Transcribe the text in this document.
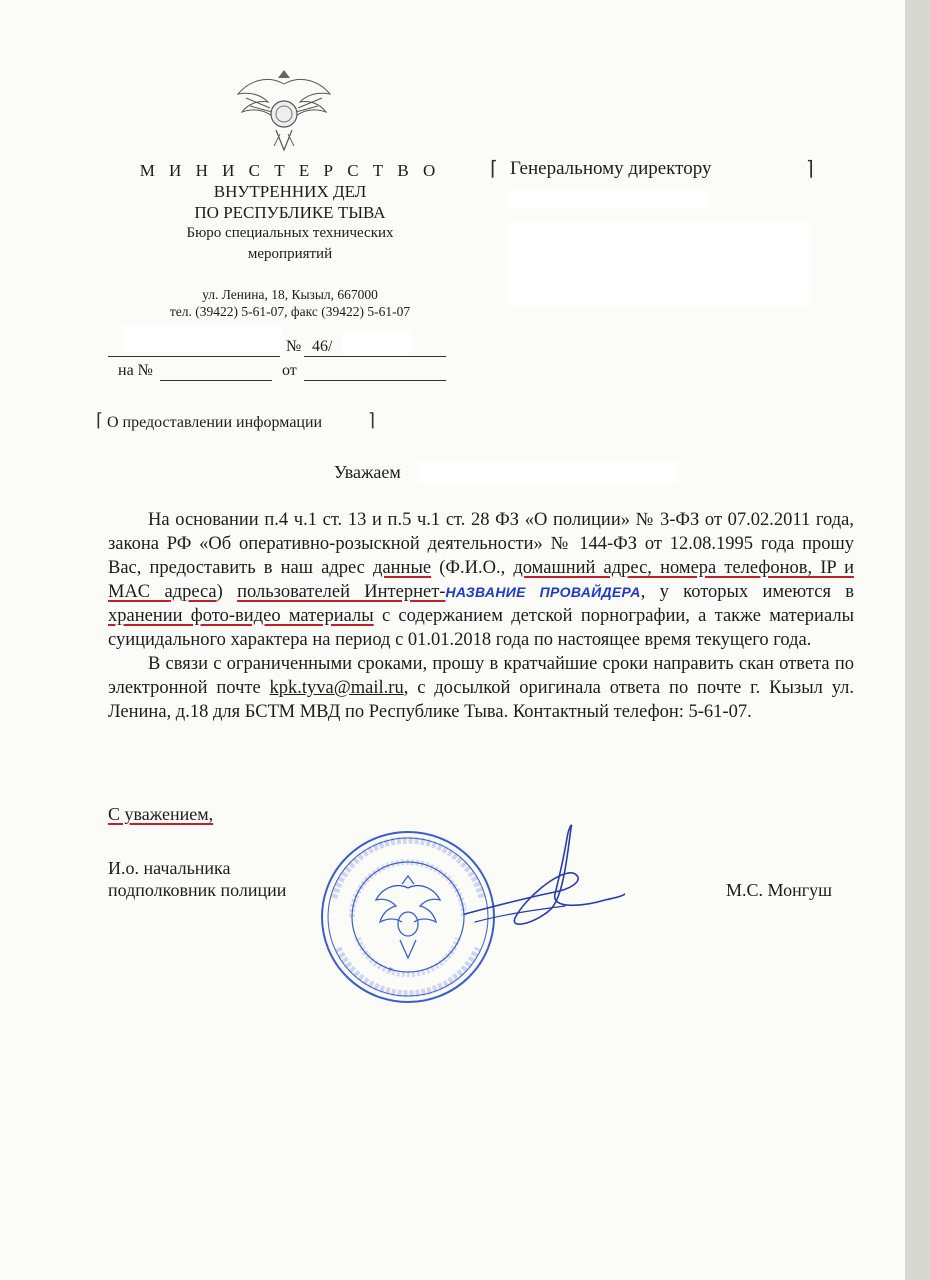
М И Н И С Т Е Р С Т В О
ВНУТРЕННИХ ДЕЛ
ПО РЕСПУБЛИКЕ ТЫВА
Бюро специальных технических
мероприятий
ул. Ленина, 18, Кызыл, 667000
тел. (39422) 5-61-07, факс (39422) 5-61-07
№ 46/
на №	от
⌈ Генеральному директору	⌉
⌈ О предоставлении информации	⌉
Уважаем

На основании п.4 ч.1 ст. 13 и п.5 ч.1 ст. 28 ФЗ «О полиции» № 3-ФЗ от 07.02.2011 года, закона РФ «Об оперативно-розыскной деятельности» № 144-ФЗ от 12.08.1995 года прошу Вас, предоставить в наш адрес данные (Ф.И.О., домашний адрес, номера телефонов, IP и MAC адреса) пользователей Интернет-НАЗВАНИЕ ПРОВАЙДЕРА, у которых имеются в хранении фото-видео материалы с содержанием детской порнографии, а также материалы суицидального характера на период с 01.01.2018 года по настоящее время текущего года.

В связи с ограниченными сроками, прошу в кратчайшие сроки направить скан ответа по электронной почте kpk.tyva@mail.ru, с досылкой оригинала ответа по почте г. Кызыл ул. Ленина, д.18 для БСТМ МВД по Республике Тыва. Контактный телефон: 5-61-07.

С уважением,
И.о. начальника
подполковник полиции	М.С. Монгуш
*
